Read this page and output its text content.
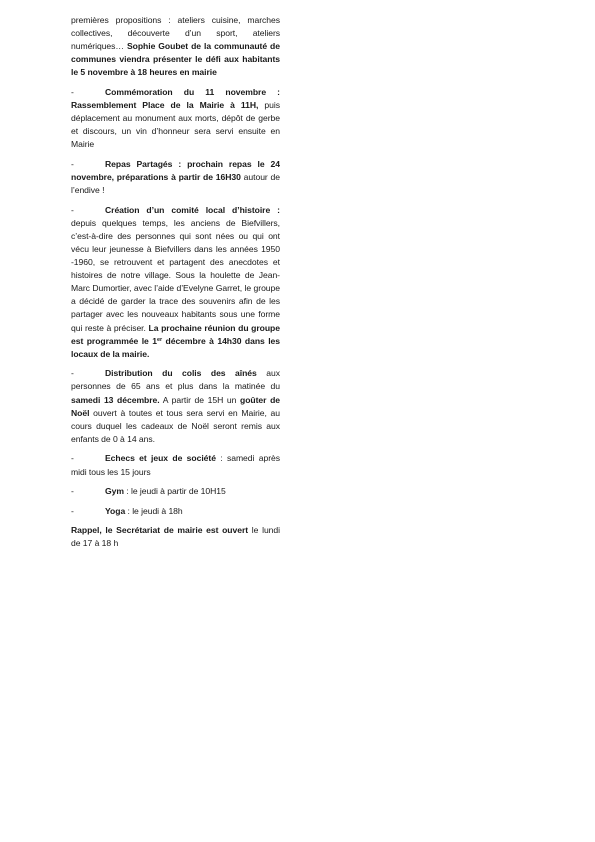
premières propositions : ateliers cuisine, marches collectives, découverte d’un sport, ateliers numériques… Sophie Goubet de la communauté de communes viendra présenter le défi aux habitants le 5 novembre à 18 heures en mairie

-	Commémoration du 11 novembre : Rassemblement Place de la Mairie à 11H, puis déplacement au monument aux morts, dépôt de gerbe et discours, un vin d’honneur sera servi ensuite en Mairie

-	Repas Partagés : prochain repas le 24 novembre, préparations à partir de 16H30 autour de l’endive !

-	Création d’un comité local d’histoire : depuis quelques temps, les anciens de Biefvillers, c’est-à-dire des personnes qui sont nées ou qui ont vécu leur jeunesse à Biefvillers dans les années 1950 -1960, se retrouvent et partagent des anecdotes et histoires de notre village. Sous la houlette de Jean-Marc Dumortier, avec l’aide d’Evelyne Garret, le groupe a décidé de garder la trace des souvenirs afin de les partager avec les nouveaux habitants sous une forme qui reste à préciser. La prochaine réunion du groupe est programmée le 1er décembre à 14h30 dans les locaux de la mairie.

-	Distribution du colis des aînés aux personnes de 65 ans et plus dans la matinée du samedi 13 décembre. A partir de 15H un goûter de Noël ouvert à toutes et tous sera servi en Mairie, au cours duquel les cadeaux de Noël seront remis aux enfants de 0 à 14 ans.

-	Echecs et jeux de société : samedi après midi tous les 15 jours

-	Gym : le jeudi à partir de 10H15

-	Yoga : le jeudi à 18h

Rappel, le Secrétariat de mairie est ouvert le lundi de 17 à 18 h
